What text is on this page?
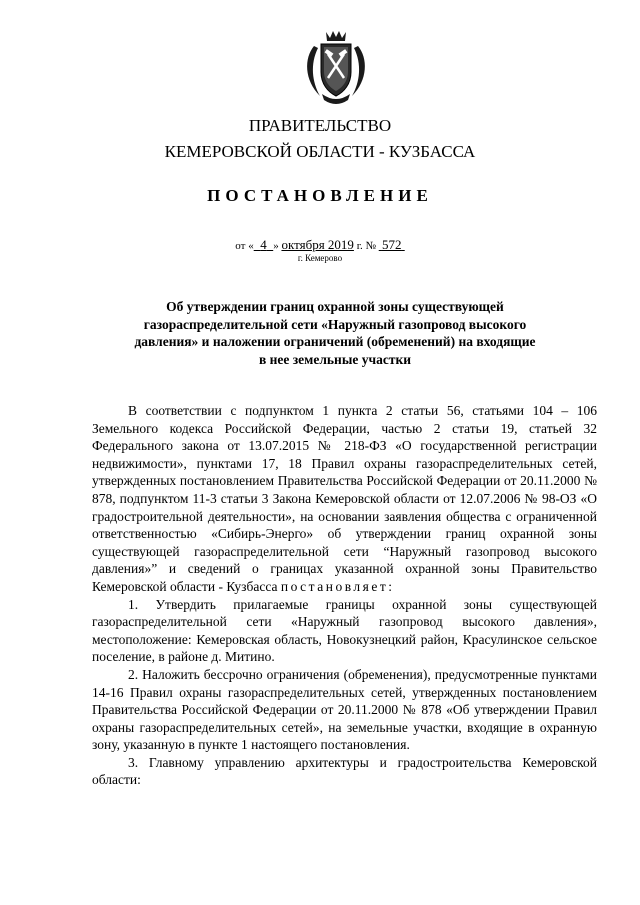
ПРАВИТЕЛЬСТВО
КЕМЕРОВСКОЙ ОБЛАСТИ - КУЗБАССА
ПОСТАНОВЛЕНИЕ
от « 4 » октября 2019 г. № 572
г. Кемерово
Об утверждении границ охранной зоны существующей
газораспределительной сети «Наружный газопровод высокого
давления» и наложении ограничений (обременений) на входящие
в нее земельные участки

В соответствии с подпунктом 1 пункта 2 статьи 56, статьями 104 – 106 Земельного кодекса Российской Федерации, частью 2 статьи 19, статьей 32 Федерального закона от 13.07.2015 № 218-ФЗ «О государственной регистрации недвижимости», пунктами 17, 18 Правил охраны газораспределительных сетей, утвержденных постановлением Правительства Российской Федерации от 20.11.2000 № 878, подпунктом 11-3 статьи 3 Закона Кемеровской области от 12.07.2006 № 98-ОЗ «О градостроительной деятельности», на основании заявления общества с ограниченной ответственностью «Сибирь-Энерго» об утверждении границ охранной зоны существующей газораспределительной сети “Наружный газопровод высокого давления»” и сведений о границах указанной охранной зоны Правительство Кемеровской области - Кузбасса постановляет:

1. Утвердить прилагаемые границы охранной зоны существующей газораспределительной сети «Наружный газопровод высокого давления», местоположение: Кемеровская область, Новокузнецкий район, Красулинское сельское поселение, в районе д. Митино.

2. Наложить бессрочно ограничения (обременения), предусмотренные пунктами 14-16 Правил охраны газораспределительных сетей, утвержденных постановлением Правительства Российской Федерации от 20.11.2000 № 878 «Об утверждении Правил охраны газораспределительных сетей», на земельные участки, входящие в охранную зону, указанную в пункте 1 настоящего постановления.

3. Главному управлению архитектуры и градостроительства Кемеровской области:
